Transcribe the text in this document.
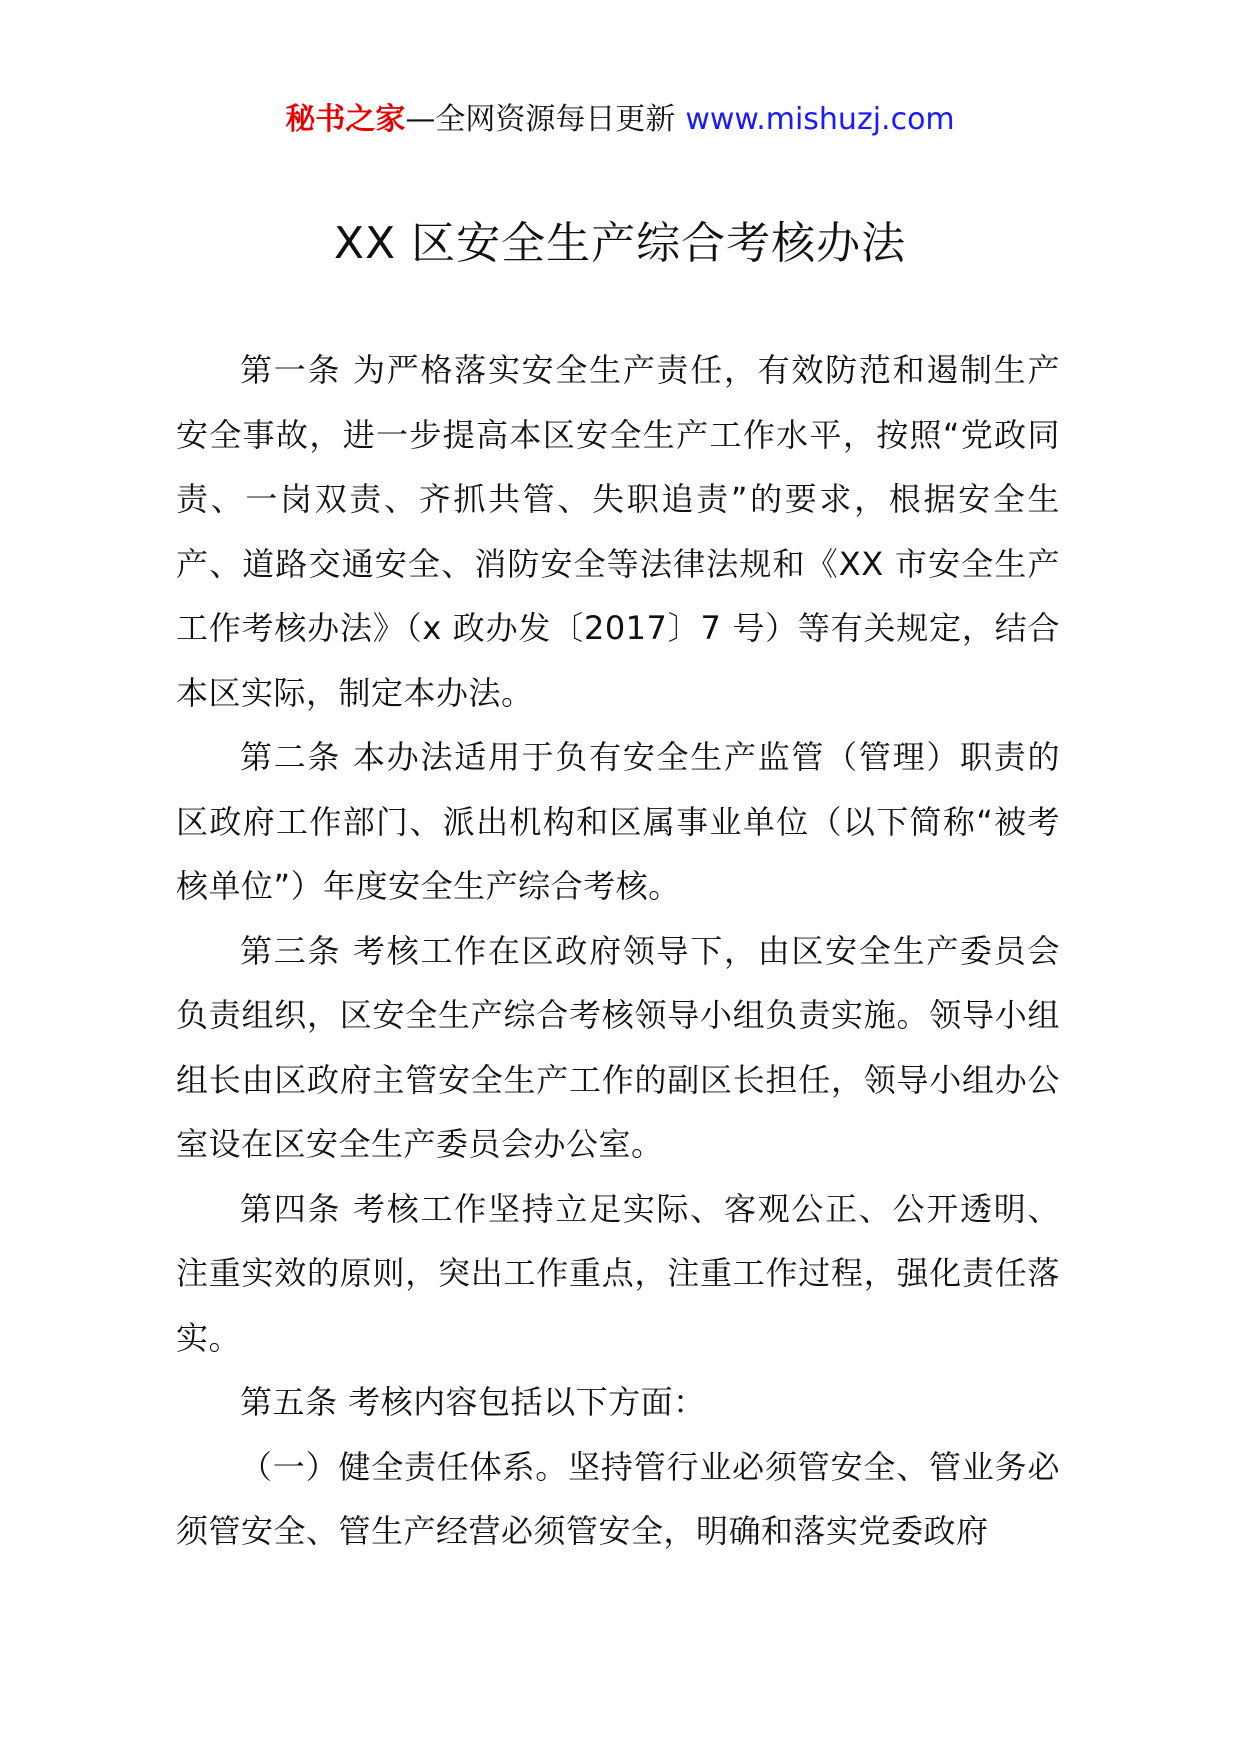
秘书之家—全网资源每日更新 www.mishuzj.com
XX 区安全生产综合考核办法

第一条 为严格落实安全生产责任，有效防范和遏制生产安全事故，进一步提高本区安全生产工作水平，按照“党政同责、一岗双责、齐抓共管、失职追责”的要求，根据安全生产、道路交通安全、消防安全等法律法规和《XX 市安全生产工作考核办法》（x 政办发〔2017〕7 号）等有关规定，结合本区实际，制定本办法。

第二条 本办法适用于负有安全生产监管（管理）职责的区政府工作部门、派出机构和区属事业单位（以下简称“被考核单位”）年度安全生产综合考核。

第三条 考核工作在区政府领导下，由区安全生产委员会负责组织，区安全生产综合考核领导小组负责实施。领导小组组长由区政府主管安全生产工作的副区长担任，领导小组办公室设在区安全生产委员会办公室。

第四条 考核工作坚持立足实际、客观公正、公开透明、注重实效的原则，突出工作重点，注重工作过程，强化责任落实。

第五条 考核内容包括以下方面：

（一）健全责任体系。坚持管行业必须管安全、管业务必须管安全、管生产经营必须管安全，明确和落实党委政府
